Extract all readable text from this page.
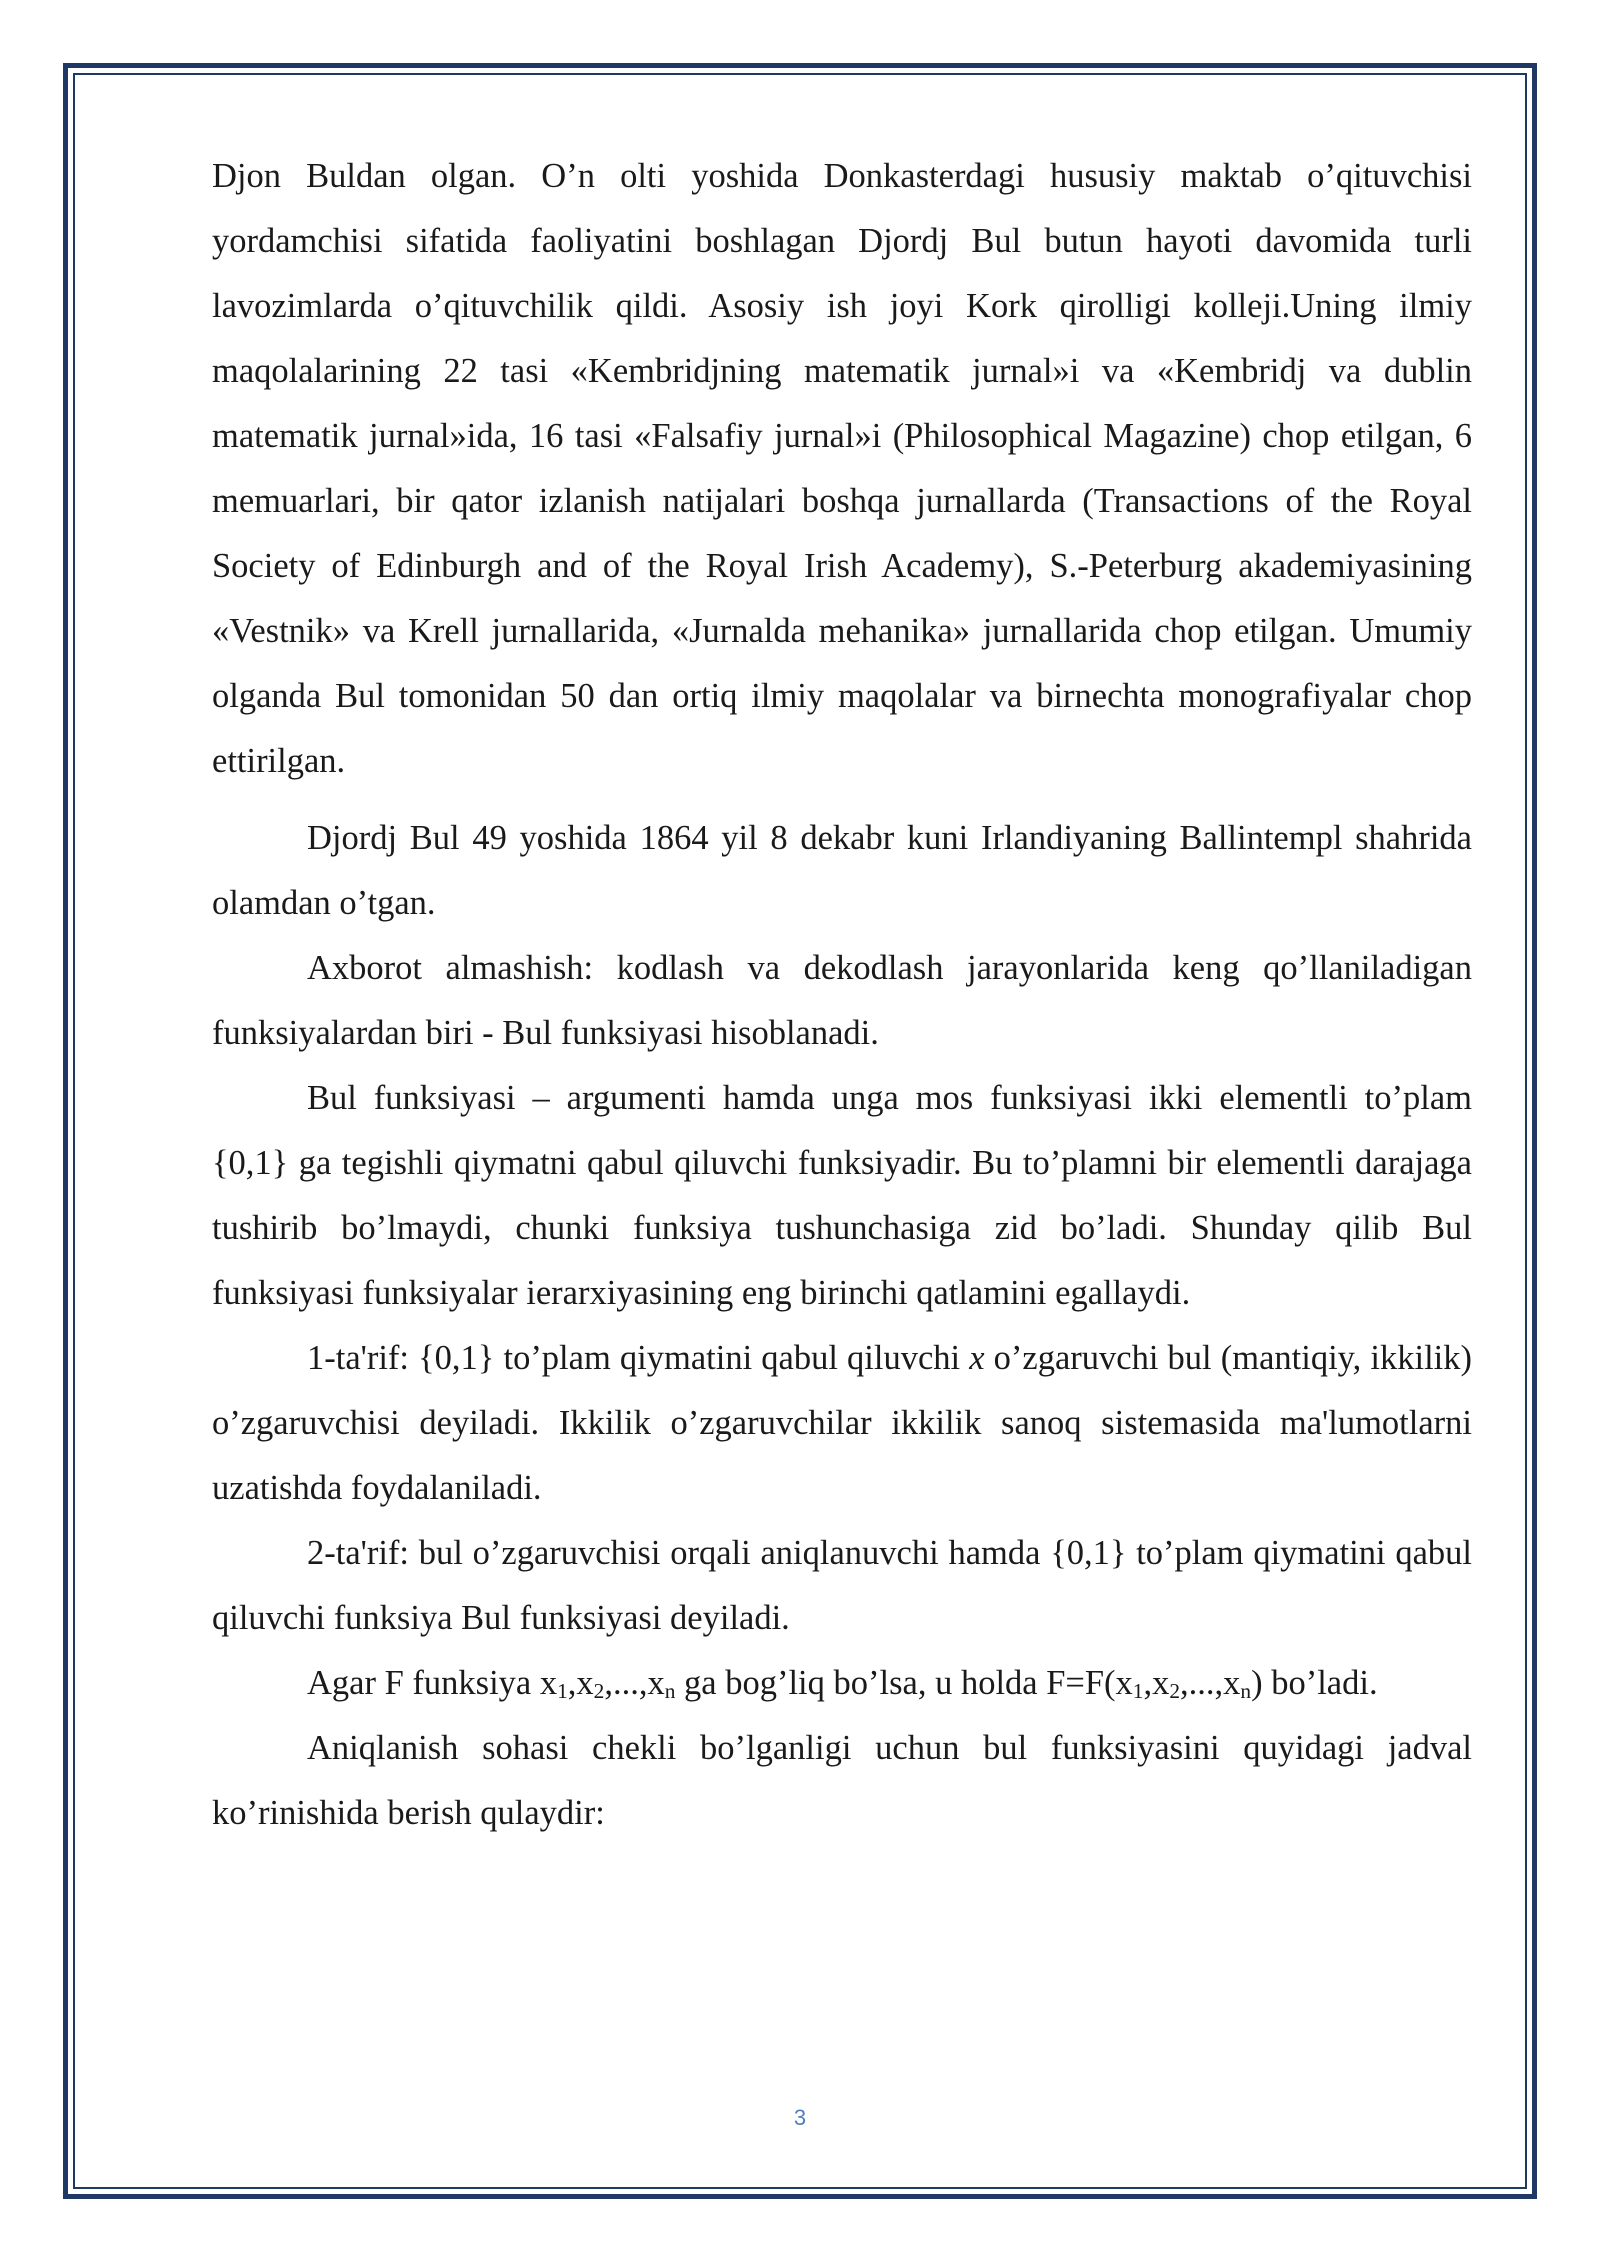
Djon Buldan olgan. O’n olti yoshida Donkasterdagi hususiy maktab o’qituvchisi yordamchisi sifatida faoliyatini boshlagan Djordj Bul butun hayoti davomida turli lavozimlarda o’qituvchilik qildi. Asosiy ish joyi Kork qirolligi kolleji.Uning ilmiy maqolalarining 22 tasi «Kembridjning matematik jurnal»i va «Kembridj va dublin matematik jurnal»ida, 16 tasi «Falsafiy jurnal»i (Philosophical Magazine) chop etilgan, 6 memuarlari, bir qator izlanish natijalari boshqa jurnallarda (Transactions of the Royal Society of Edinburgh and of the Royal Irish Academy), S.-Peterburg akademiyasining «Vestnik» va Krell jurnallarida, «Jurnalda mehanika» jurnallarida chop etilgan. Umumiy olganda Bul tomonidan 50 dan ortiq ilmiy maqolalar va birnechta monografiyalar chop ettirilgan.

Djordj Bul 49 yoshida 1864 yil 8 dekabr kuni Irlandiyaning Ballintempl shahrida olamdan o’tgan.

Axborot almashish: kodlash va dekodlash jarayonlarida keng qo’llaniladigan funksiyalardan biri - Bul funksiyasi hisoblanadi.

Bul funksiyasi – argumenti hamda unga mos funksiyasi ikki elementli to’plam {0,1} ga tegishli qiymatni qabul qiluvchi funksiyadir. Bu to’plamni bir elementli darajaga tushirib bo’lmaydi, chunki funksiya tushunchasiga zid bo’ladi. Shunday qilib Bul funksiyasi funksiyalar ierarxiyasining eng birinchi qatlamini egallaydi.

1-ta'rif: {0,1} to’plam qiymatini qabul qiluvchi x o’zgaruvchi bul (mantiqiy, ikkilik) o’zgaruvchisi deyiladi. Ikkilik o’zgaruvchilar ikkilik sanoq sistemasida ma'lumotlarni uzatishda foydalaniladi.

2-ta'rif: bul o’zgaruvchisi orqali aniqlanuvchi hamda {0,1} to’plam qiymatini qabul qiluvchi funksiya Bul funksiyasi deyiladi.

Agar F funksiya $x_1,x_2,...,x_n$ ga bog’liq bo’lsa, u holda $F=F(x_1,x_2,...,x_n)$ bo’ladi.

Aniqlanish sohasi chekli bo’lganligi uchun bul funksiyasini quyidagi jadval ko’rinishida berish qulaydir:

3
